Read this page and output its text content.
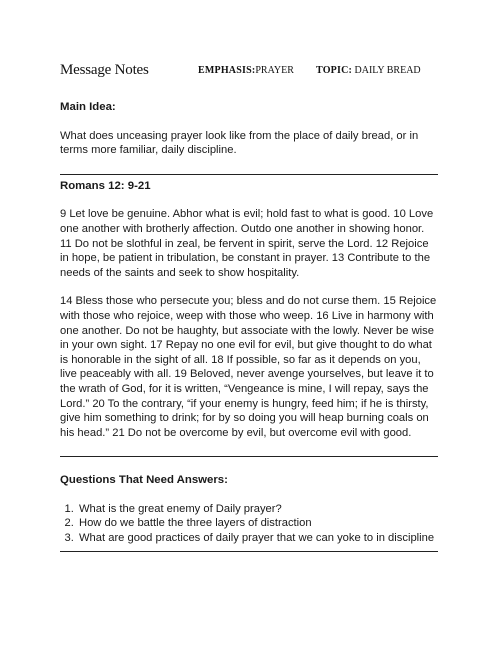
Message Notes	EMPHASIS:PRAYER TOPIC: DAILY BREAD
Main Idea:

What does unceasing prayer look like from the place of daily bread, or in terms more familiar, daily discipline.

Romans 12: 9-21

9 Let love be genuine. Abhor what is evil; hold fast to what is good. 10 Love one another with brotherly affection. Outdo one another in showing honor. 11 Do not be slothful in zeal, be fervent in spirit, serve the Lord. 12 Rejoice in hope, be patient in tribulation, be constant in prayer. 13 Contribute to the needs of the saints and seek to show hospitality.

14 Bless those who persecute you; bless and do not curse them. 15 Rejoice with those who rejoice, weep with those who weep. 16 Live in harmony with one another. Do not be haughty, but associate with the lowly. Never be wise in your own sight. 17 Repay no one evil for evil, but give thought to do what is honorable in the sight of all. 18 If possible, so far as it depends on you, live peaceably with all. 19 Beloved, never avenge yourselves, but leave it to the wrath of God, for it is written, “Vengeance is mine, I will repay, says the Lord.” 20 To the contrary, “if your enemy is hungry, feed him; if he is thirsty, give him something to drink; for by so doing you will heap burning coals on his head.” 21 Do not be overcome by evil, but overcome evil with good.

Questions That Need Answers:
1. What is the great enemy of Daily prayer?
2. How do we battle the three layers of distraction
3. What are good practices of daily prayer that we can yoke to in discipline
